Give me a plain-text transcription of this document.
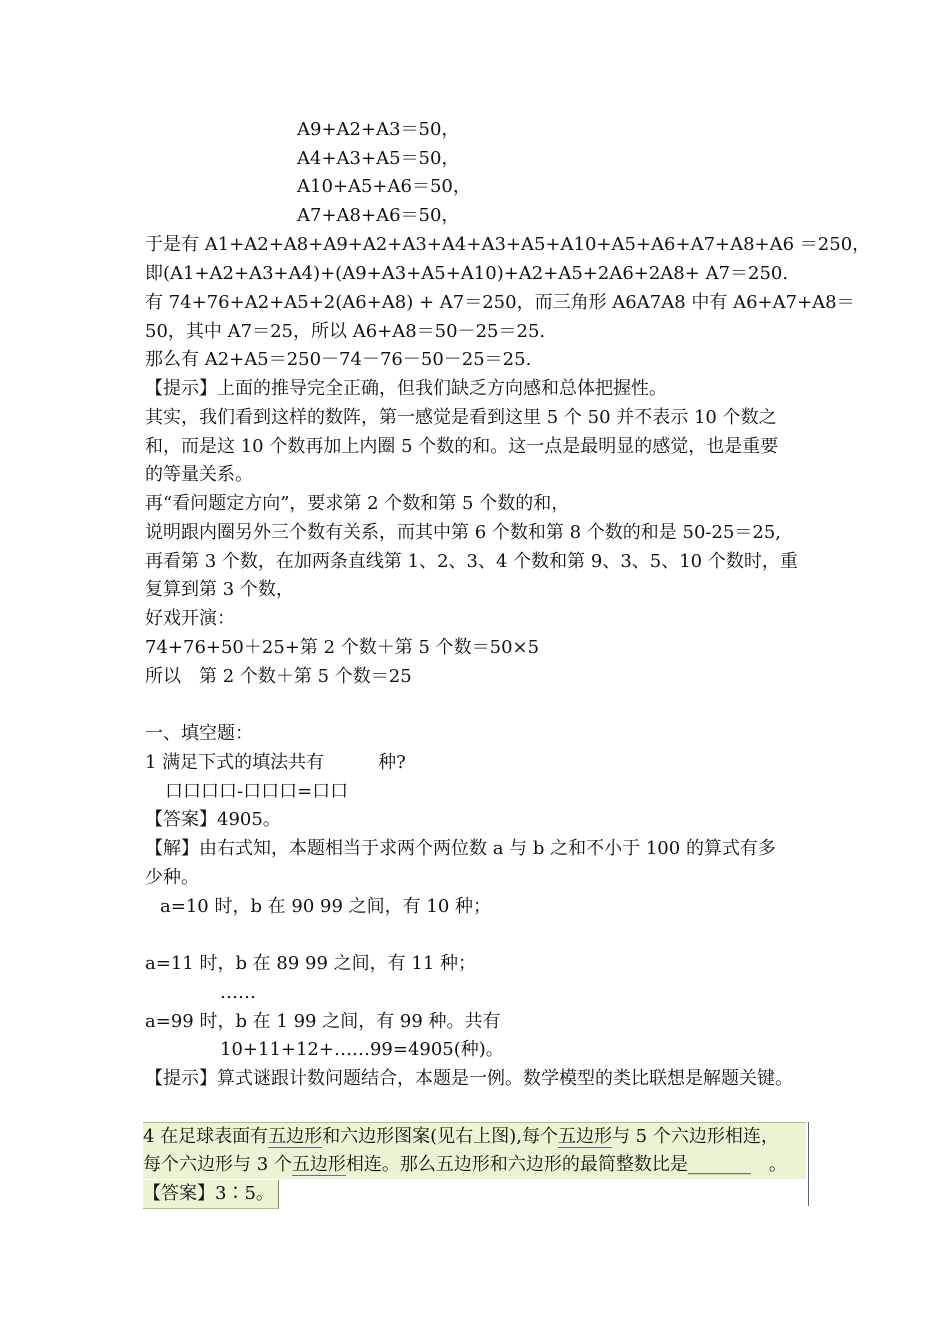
A9+A2+A3＝50，
A4+A3+A5＝50，
A10+A5+A6＝50，
A7+A8+A6＝50，
于是有 A1+A2+A8+A9+A2+A3+A4+A3+A5+A10+A5+A6+A7+A8+A6 ＝250，
即(A1+A2+A3+A4)+(A9+A3+A5+A10)+A2+A5+2A6+2A8+ A7＝250.
有 74+76+A2+A5+2(A6+A8) + A7＝250，而三角形 A6A7A8 中有 A6+A7+A8＝
50，其中 A7＝25，所以 A6+A8＝50－25＝25.
那么有 A2+A5＝250－74－76－50－25＝25.
【提示】上面的推导完全正确，但我们缺乏方向感和总体把握性。
其实，我们看到这样的数阵，第一感觉是看到这里 5 个 50 并不表示 10 个数之
和，而是这 10 个数再加上内圈 5 个数的和。这一点是最明显的感觉，也是重要
的等量关系。
再“看问题定方向”，要求第 2 个数和第 5 个数的和，
说明跟内圈另外三个数有关系，而其中第 6 个数和第 8 个数的和是 50-25＝25,
再看第 3 个数，在加两条直线第 1、2、3、4 个数和第 9、3、5、10 个数时，重
复算到第 3 个数，
好戏开演：
74+76+50＋25+第 2 个数＋第 5 个数＝50×5
所以　第 2 个数＋第 5 个数＝25
一、填空题：
1 满足下式的填法共有　　　种?
口口口口-口口口=口口
【答案】4905。
【解】由右式知，本题相当于求两个两位数 a 与 b 之和不小于 100 的算式有多
少种。
a=10 时，b 在 90 99 之间，有 10 种；
a=11 时，b 在 89 99 之间，有 11 种；
……
a=99 时，b 在 1 99 之间，有 99 种。共有
10+11+12+……99=4905(种)。
【提示】算式谜跟计数问题结合，本题是一例。数学模型的类比联想是解题关键。
4 在足球表面有五边形和六边形图案(见右上图),每个五边形与 5 个六边形相连，
每个六边形与 3 个五边形相连。那么五边形和六边形的最简整数比是_______　。
【答案】3∶5。
